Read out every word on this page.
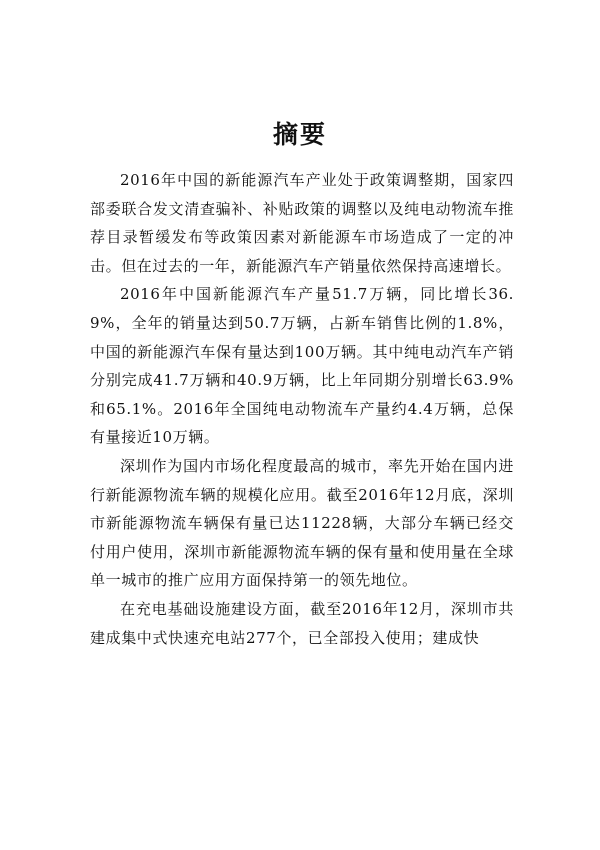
摘要

2016年中国的新能源汽车产业处于政策调整期，国家四部委联合发文清查骗补、补贴政策的调整以及纯电动物流车推荐目录暂缓发布等政策因素对新能源车市场造成了一定的冲击。但在过去的一年，新能源汽车产销量依然保持高速增长。

2016年中国新能源汽车产量51.7万辆，同比增长36.9%，全年的销量达到50.7万辆，占新车销售比例的1.8%，中国的新能源汽车保有量达到100万辆。其中纯电动汽车产销分别完成41.7万辆和40.9万辆，比上年同期分别增长63.9%和65.1%。2016年全国纯电动物流车产量约4.4万辆，总保有量接近10万辆。

深圳作为国内市场化程度最高的城市，率先开始在国内进行新能源物流车辆的规模化应用。截至2016年12月底，深圳市新能源物流车辆保有量已达11228辆，大部分车辆已经交付用户使用，深圳市新能源物流车辆的保有量和使用量在全球单一城市的推广应用方面保持第一的领先地位。

在充电基础设施建设方面，截至2016年12月，深圳市共建成集中式快速充电站277个，已全部投入使用；建成快
